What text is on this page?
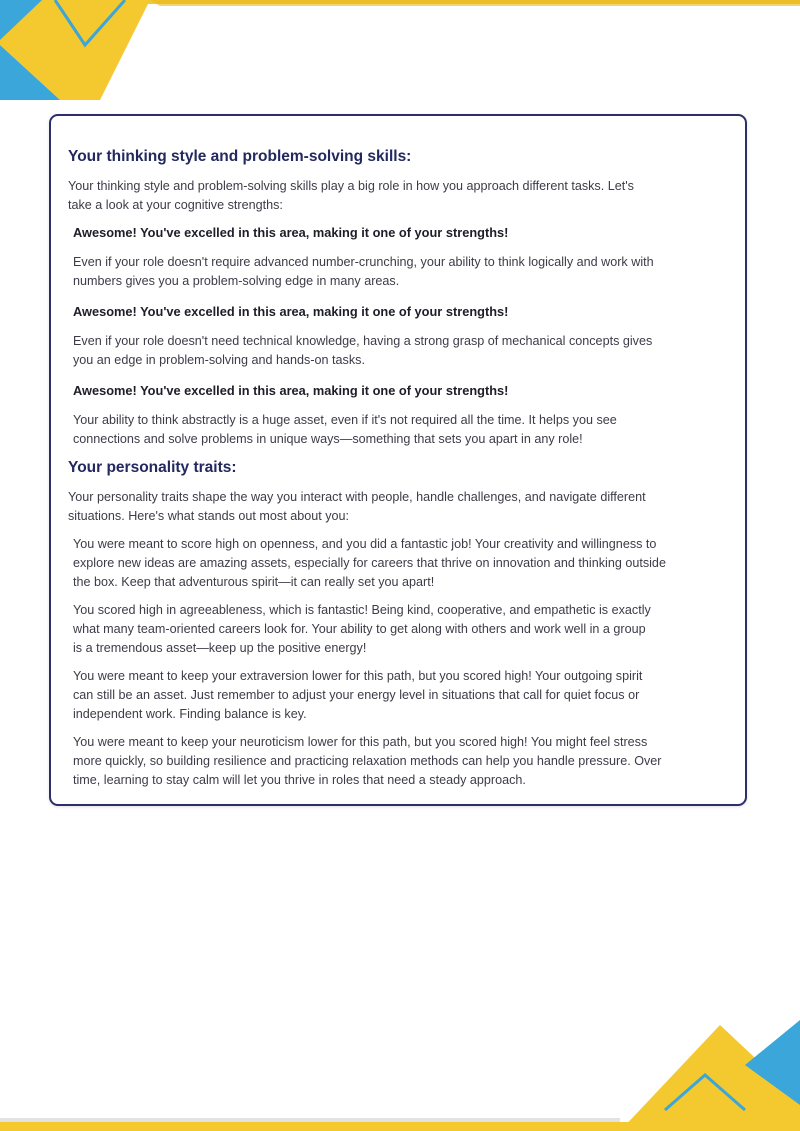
Your thinking style and problem-solving skills:

Your thinking style and problem-solving skills play a big role in how you approach different tasks. Let's

take a look at your cognitive strengths:

Awesome! You've excelled in this area, making it one of your strengths!

Even if your role doesn't require advanced number-crunching, your ability to think logically and work with

numbers gives you a problem-solving edge in many areas.

Awesome! You've excelled in this area, making it one of your strengths!

Even if your role doesn't need technical knowledge, having a strong grasp of mechanical concepts gives

you an edge in problem-solving and hands-on tasks.

Awesome! You've excelled in this area, making it one of your strengths!

Your ability to think abstractly is a huge asset, even if it's not required all the time. It helps you see

connections and solve problems in unique ways—something that sets you apart in any role!

Your personality traits:

Your personality traits shape the way you interact with people, handle challenges, and navigate different

situations. Here's what stands out most about you:

You were meant to score high on openness, and you did a fantastic job! Your creativity and willingness to

explore new ideas are amazing assets, especially for careers that thrive on innovation and thinking outside

the box. Keep that adventurous spirit—it can really set you apart!

You scored high in agreeableness, which is fantastic! Being kind, cooperative, and empathetic is exactly

what many team-oriented careers look for. Your ability to get along with others and work well in a group

is a tremendous asset—keep up the positive energy!

You were meant to keep your extraversion lower for this path, but you scored high! Your outgoing spirit

can still be an asset. Just remember to adjust your energy level in situations that call for quiet focus or

independent work. Finding balance is key.

You were meant to keep your neuroticism lower for this path, but you scored high! You might feel stress

more quickly, so building resilience and practicing relaxation methods can help you handle pressure. Over

time, learning to stay calm will let you thrive in roles that need a steady approach.
